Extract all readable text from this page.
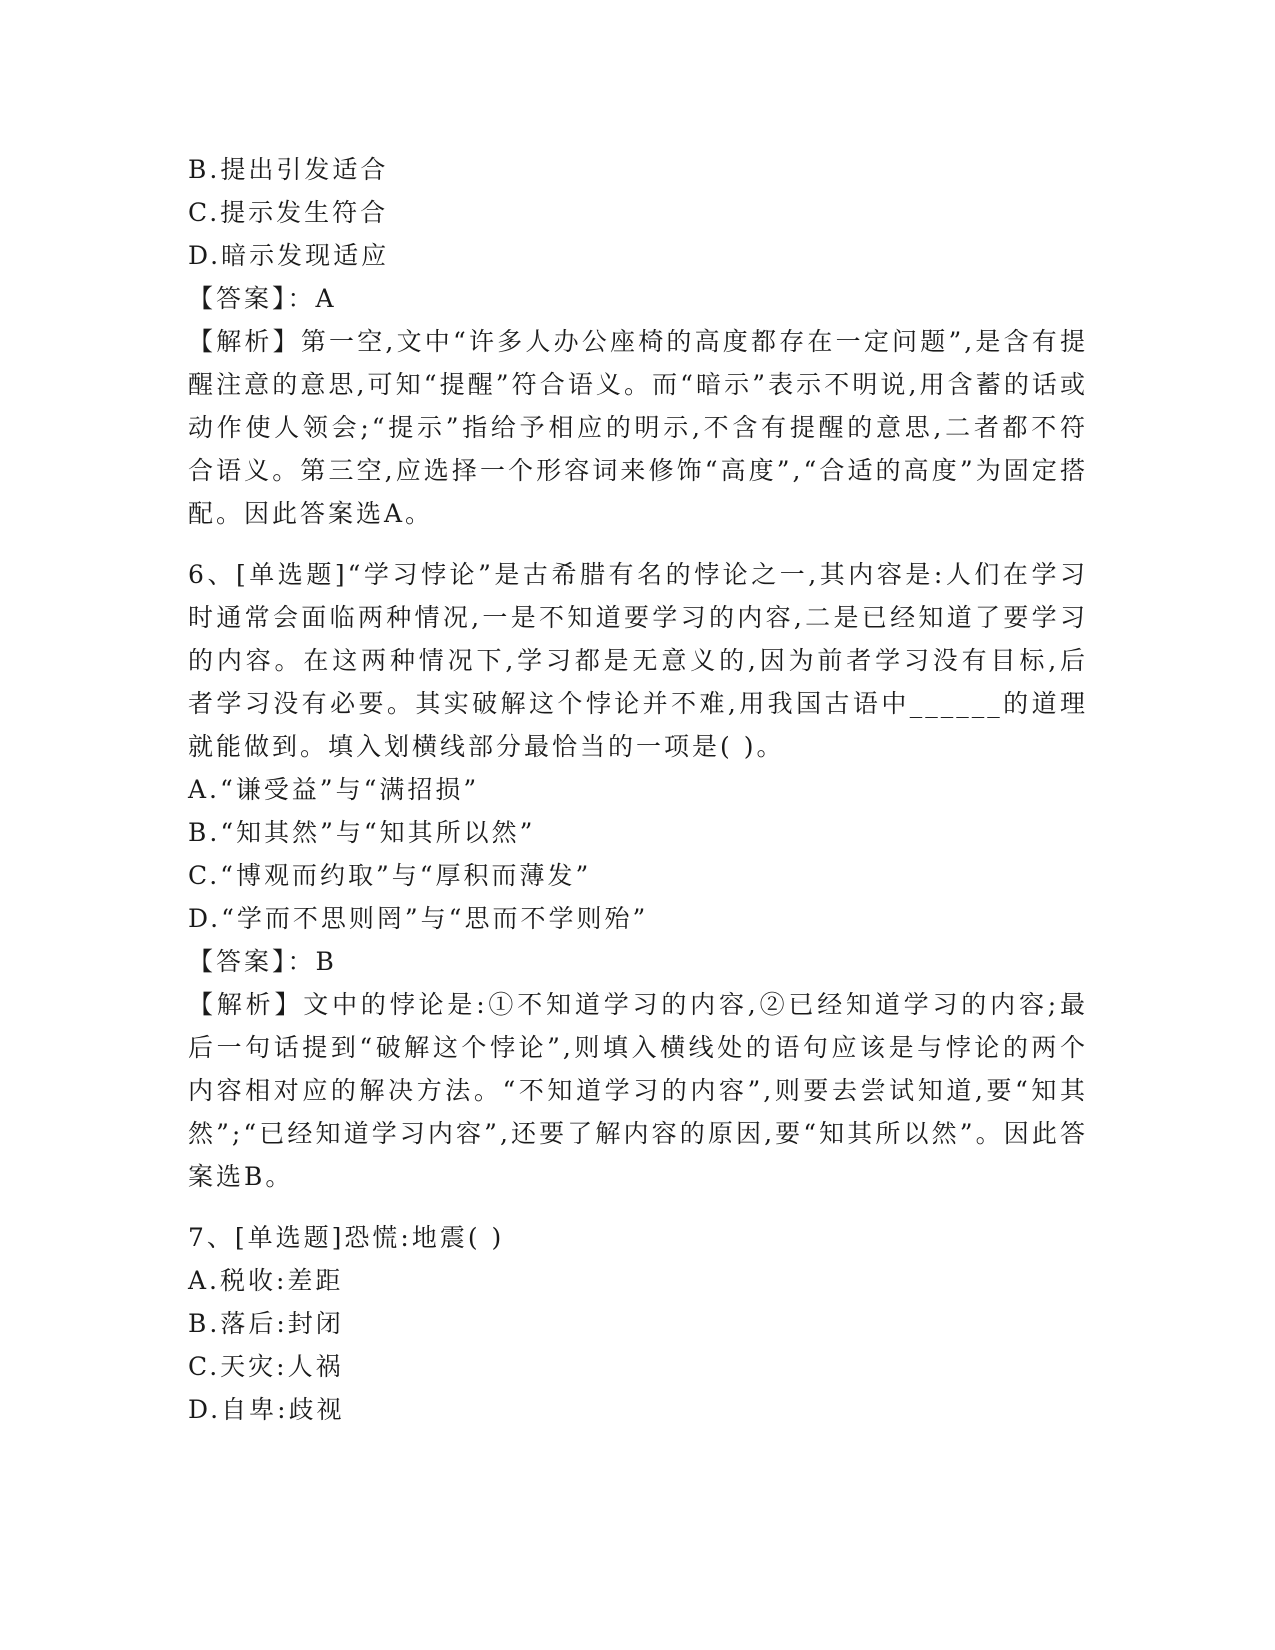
B.提出引发适合
C.提示发生符合
D.暗示发现适应
【答案】：A
【解析】第一空,文中“许多人办公座椅的高度都存在一定问题”,是含有提醒注意的意思,可知“提醒”符合语义。而“暗示”表示不明说,用含蓄的话或动作使人领会;“提示”指给予相应的明示,不含有提醒的意思,二者都不符合语义。第三空,应选择一个形容词来修饰“高度”,“合适的高度”为固定搭配。因此答案选A。
6、[单选题]“学习悖论”是古希腊有名的悖论之一,其内容是:人们在学习时通常会面临两种情况,一是不知道要学习的内容,二是已经知道了要学习的内容。在这两种情况下,学习都是无意义的,因为前者学习没有目标,后者学习没有必要。其实破解这个悖论并不难,用我国古语中______的道理就能做到。填入划横线部分最恰当的一项是( )。
A.“谦受益”与“满招损”
B.“知其然”与“知其所以然”
C.“博观而约取”与“厚积而薄发”
D.“学而不思则罔”与“思而不学则殆”
【答案】：B
【解析】文中的悖论是:①不知道学习的内容,②已经知道学习的内容;最后一句话提到“破解这个悖论”,则填入横线处的语句应该是与悖论的两个内容相对应的解决方法。“不知道学习的内容”,则要去尝试知道,要“知其然”;“已经知道学习内容”,还要了解内容的原因,要“知其所以然”。因此答案选B。
7、[单选题]恐慌:地震( )
A.税收:差距
B.落后:封闭
C.天灾:人祸
D.自卑:歧视
